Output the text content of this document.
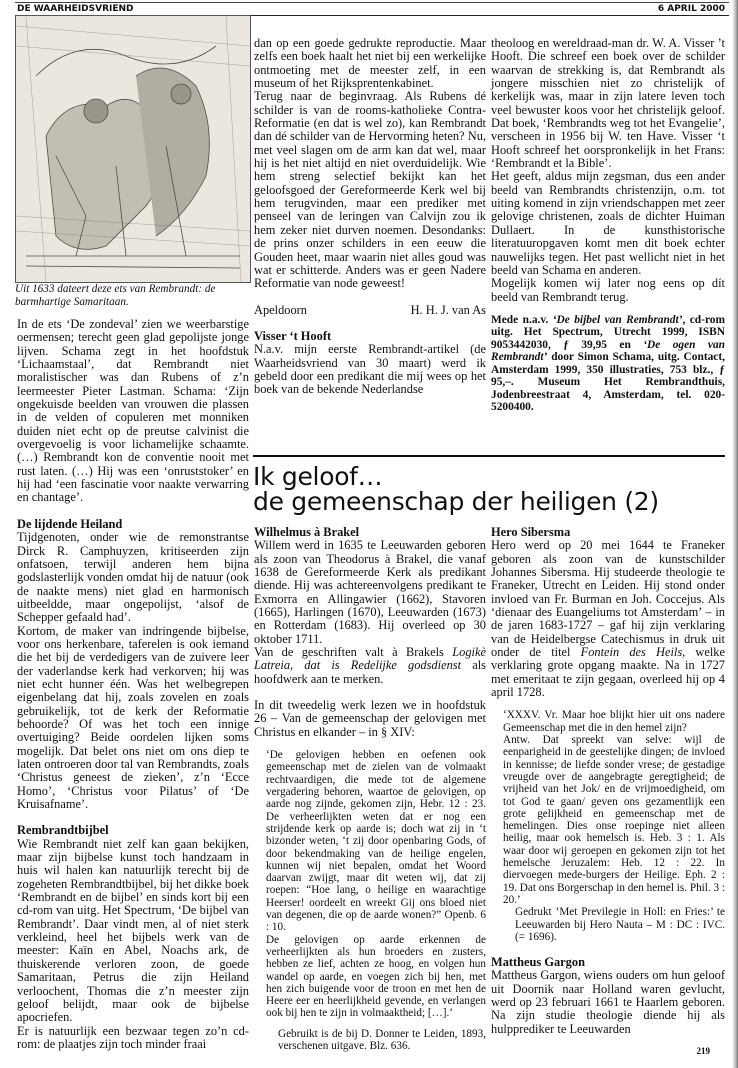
DE WAARHEIDSVRIEND	6 APRIL 2000
Uit 1633 dateert deze ets van Rembrandt: de barmhartige Samaritaan.

In de ets ‘De zondeval’ zien we weerbarstige oermensen; terecht geen glad gepolijste jonge lijven. Schama zegt in het hoofdstuk ‘Lichaamstaal’, dat Rembrandt niet moralistischer was dan Rubens of z’n leermeester Pieter Lastman. Schama: ‘Zijn ongekuisde beelden van vrouwen die plassen in de velden of copuleren met monniken duiden niet echt op de preutse calvinist die overgevoelig is voor lichamelijke schaamte. (…) Rembrandt kon de conventie nooit met rust laten. (…) Hij was een ‘onruststoker’ en hij had ‘een fascinatie voor naakte verwarring en chantage’.

De lijdende Heiland

Tijdgenoten, onder wie de remonstrantse Dirck R. Camphuyzen, kritiseerden zijn onfatsoen, terwijl anderen hem bijna godslasterlijk vonden omdat hij de natuur (ook de naakte mens) niet glad en harmonisch uitbeeldde, maar ongepolijst, ‘alsof de Schepper gefaald had’.

Kortom, de maker van indringende bijbelse, voor ons herkenbare, taferelen is ook iemand die het bij de verdedigers van de zuivere leer der vaderlandse kerk had verkorven; hij was niet echt hunner één. Was het welbegrepen eigenbelang dat hij, zoals zovelen en zoals gebruikelijk, tot de kerk der Reformatie behoorde? Of was het toch een innige overtuiging? Beide oordelen lijken soms mogelijk. Dat belet ons niet om ons diep te laten ontroeren door tal van Rembrandts, zoals ‘Christus geneest de zieken’, z’n ‘Ecce Homo’, ‘Christus voor Pilatus’ of ‘De Kruisafname’.

Rembrandtbijbel

Wie Rembrandt niet zelf kan gaan bekijken, maar zijn bijbelse kunst toch handzaam in huis wil halen kan natuurlijk terecht bij de zogeheten Rembrandtbijbel, bij het dikke boek ‘Rembrandt en de bijbel’ en sinds kort bij een cd-rom van uitg. Het Spectrum, ‘De bijbel van Rembrandt’. Daar vindt men, al of niet sterk verkleind, heel het bijbels werk van de meester: Kaïn en Abel, Noachs ark, de thuiskerende verloren zoon, de goede Samaritaan, Petrus die zijn Heiland verloochent, Thomas die z’n meester zijn geloof belijdt, maar ook de bijbelse apocriefen.

Er is natuurlijk een bezwaar tegen zo’n cd-rom: de plaatjes zijn toch minder fraai

dan op een goede gedrukte reproductie. Maar zelfs een boek haalt het niet bij een werkelijke ontmoeting met de meester zelf, in een museum of het Rijksprentenkabinet.

Terug naar de beginvraag. Als Rubens dé schilder is van de rooms-katholieke Contra-Reformatie (en dat is wel zo), kan Rembrandt dan dé schilder van de Hervorming heten? Nu, met veel slagen om de arm kan dat wel, maar hij is het niet altijd en niet overduidelijk. Wie hem streng selectief bekijkt kan het geloofsgoed der Gereformeerde Kerk wel bij hem terugvinden, maar een prediker met penseel van de leringen van Calvijn zou ik hem zeker niet durven noemen. Desondanks: de prins onzer schilders in een eeuw die Gouden heet, maar waarin niet alles goud was wat er schitterde. Anders was er geen Nadere Reformatie van node geweest!

Apeldoorn	H. H. J. van As

Visser ‘t Hooft

N.a.v. mijn eerste Rembrandt-artikel (de Waarheidsvriend van 30 maart) werd ik gebeld door een predikant die mij wees op het boek van de bekende Nederlandse

theoloog en wereldraad-man dr. W. A. Visser ’t Hooft. Die schreef een boek over de schilder waarvan de strekking is, dat Rembrandt als jongere misschien niet zo christelijk of kerkelijk was, maar in zijn latere leven toch veel bewuster koos voor het christelijk geloof. Dat boek, ‘Rembrandts weg tot het Evangelie’, verscheen in 1956 bij W. ten Have. Visser ‘t Hooft schreef het oorspronkelijk in het Frans: ‘Rembrandt et la Bible’.

Het geeft, aldus mijn zegsman, dus een ander beeld van Rembrandts christenzijn, o.m. tot uiting komend in zijn vriendschappen met zeer gelovige christenen, zoals de dichter Huiman Dullaert. In de kunsthistorische literatuuropgaven komt men dit boek echter nauwelijks tegen. Het past wellicht niet in het beeld van Schama en anderen.

Mogelijk komen wij later nog eens op dít beeld van Rembrandt terug.

Mede n.a.v. ‘De bijbel van Rembrandt’, cd-rom uitg. Het Spectrum, Utrecht 1999, ISBN 9053442030, ƒ 39,95 en ‘De ogen van Rembrandt’ door Simon Schama, uitg. Contact, Amsterdam 1999, 350 illustraties, 753 blz., ƒ 95,–. Museum Het Rembrandthuis, Jodenbreestraat 4, Amsterdam, tel. 020-5200400.

Ik geloof…
de gemeenschap der heiligen (2)

Wilhelmus à Brakel

Willem werd in 1635 te Leeuwarden geboren als zoon van Theodorus à Brakel, die vanaf 1638 de Gereformeerde Kerk als predikant diende. Hij was achtereenvolgens predikant te Exmorra en Allingawier (1662), Stavoren (1665), Harlingen (1670), Leeuwarden (1673) en Rotterdam (1683). Hij overleed op 30 oktober 1711.

Van de geschriften valt à Brakels Logikè Latreia, dat is Redelijke godsdienst als hoofdwerk aan te merken.

In dit tweedelig werk lezen we in hoofdstuk 26 – Van de gemeenschap der gelovigen met Christus en elkander – in § XIV:

‘De gelovigen hebben en oefenen ook gemeenschap met de zielen van de volmaakt rechtvaardigen, die mede tot de algemene vergadering behoren, waartoe de gelovigen, op aarde nog zijnde, gekomen zijn, Hebr. 12 : 23. De verheerlijkten weten dat er nog een strijdende kerk op aarde is; doch wat zij in ‘t bizonder weten, ‘t zij door openbaring Gods, of door bekendmaking van de heilige engelen, kunnen wij niet bepalen, omdat het Woord daarvan zwijgt, maar dit weten wij, dat zij roepen: “Hoe lang, o heilige en waarachtige Heerser! oordeelt en wreekt Gij ons bloed niet van degenen, die op de aarde wonen?” Openb. 6 : 10.

De gelovigen op aarde erkennen de verheerlijkten als hun broeders en zusters, hebben ze lief, achten ze hoog, en volgen hun wandel op aarde, en voegen zich bij hen, met hen zich buigende voor de troon en met hen de Heere eer en heerlijkheid gevende, en verlangen ook bij hen te zijn in volmaaktheid; […].’

Gebruikt is de bij D. Donner te Leiden, 1893, verschenen uitgave. Blz. 636.

Hero Sibersma

Hero werd op 20 mei 1644 te Franeker geboren als zoon van de kunstschilder Johannes Sibersma. Hij studeerde theologie te Franeker, Utrecht en Leiden. Hij stond onder invloed van Fr. Burman en Joh. Coccejus. Als ‘dienaar des Euangeliums tot Amsterdam’ – in de jaren 1683-1727 – gaf hij zijn verklaring van de Heidelbergse Catechismus in druk uit onder de titel Fontein des Heils, welke verklaring grote opgang maakte. Na in 1727 met emeritaat te zijn gegaan, overleed hij op 4 april 1728.

‘XXXV. Vr. Maar hoe blijkt hier uit ons nadere Gemeenschap met die in den hemel zijn?

Antw. Dat spreekt van selve: wijl de eenparigheid in de geestelijke dingen; de invloed in kennisse; de liefde sonder vrese; de gestadige vreugde over de aangebragte geregtigheid; de vrijheid van het Jok/ en de vrijmoedigheid, om tot God te gaan/ geven ons gezamentlijk een grote gelijkheid en gemeenschap met de hemelingen. Dies onse roepinge niet alleen heilig, maar ook hemelsch is. Heb. 3 : 1. Als waar door wij geroepen en gekomen zijn tot het hemelsche Jeruzalem: Heb. 12 : 22. In diervoegen mede-burgers der Heilige. Eph. 2 : 19. Dat ons Borgerschap in den hemel is. Phil. 3 : 20.’

Gedrukt ‘Met Previlegie in Holl: en Fries:’ te Leeuwarden bij Hero Nauta – M : DC : IVC. (= 1696).

Mattheus Gargon

Mattheus Gargon, wiens ouders om hun geloof uit Doornik naar Holland waren gevlucht, werd op 23 februari 1661 te Haarlem geboren. Na zijn studie theologie diende hij als hulpprediker te Leeuwarden

219
